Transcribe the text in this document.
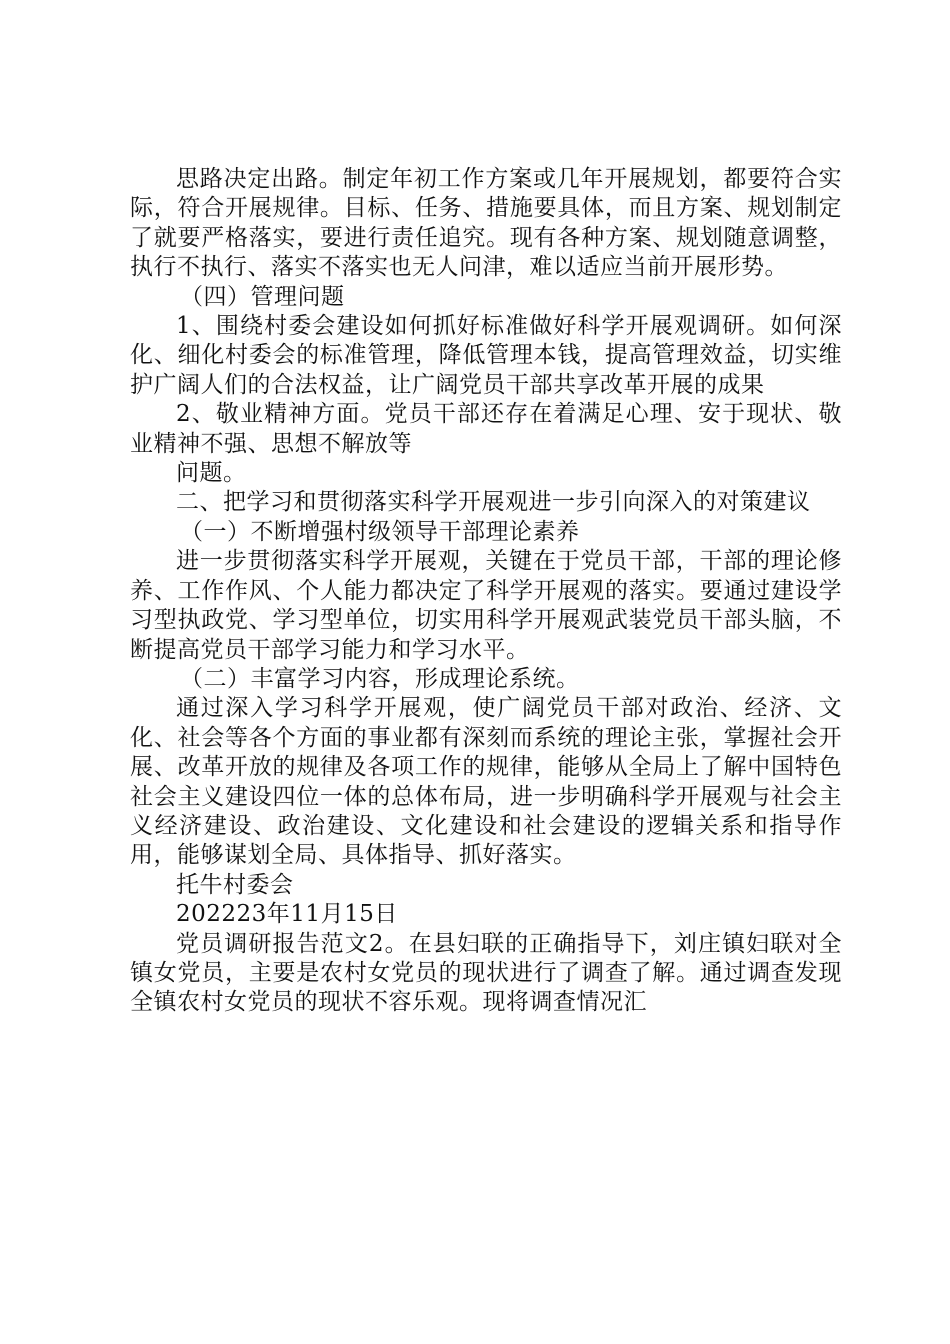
思路决定出路。制定年初工作方案或几年开展规划，都要符合实际，符合开展规律。目标、任务、措施要具体，而且方案、规划制定了就要严格落实，要进行责任追究。现有各种方案、规划随意调整，执行不执行、落实不落实也无人问津，难以适应当前开展形势。

（四）管理问题

1、围绕村委会建设如何抓好标准做好科学开展观调研。如何深化、细化村委会的标准管理，降低管理本钱，提高管理效益，切实维护广阔人们的合法权益，让广阔党员干部共享改革开展的成果

2、敬业精神方面。党员干部还存在着满足心理、安于现状、敬业精神不强、思想不解放等

问题。

二、把学习和贯彻落实科学开展观进一步引向深入的对策建议

（一）不断增强村级领导干部理论素养

进一步贯彻落实科学开展观，关键在于党员干部，干部的理论修养、工作作风、个人能力都决定了科学开展观的落实。要通过建设学习型执政党、学习型单位，切实用科学开展观武装党员干部头脑，不断提高党员干部学习能力和学习水平。

（二）丰富学习内容，形成理论系统。

通过深入学习科学开展观，使广阔党员干部对政治、经济、文化、社会等各个方面的事业都有深刻而系统的理论主张，掌握社会开展、改革开放的规律及各项工作的规律，能够从全局上了解中国特色社会主义建设四位一体的总体布局，进一步明确科学开展观与社会主义经济建设、政治建设、文化建设和社会建设的逻辑关系和指导作用，能够谋划全局、具体指导、抓好落实。

托牛村委会

202223年11月15日

党员调研报告范文2。在县妇联的正确指导下，刘庄镇妇联对全镇女党员，主要是农村女党员的现状进行了调查了解。通过调查发现全镇农村女党员的现状不容乐观。现将调查情况汇
